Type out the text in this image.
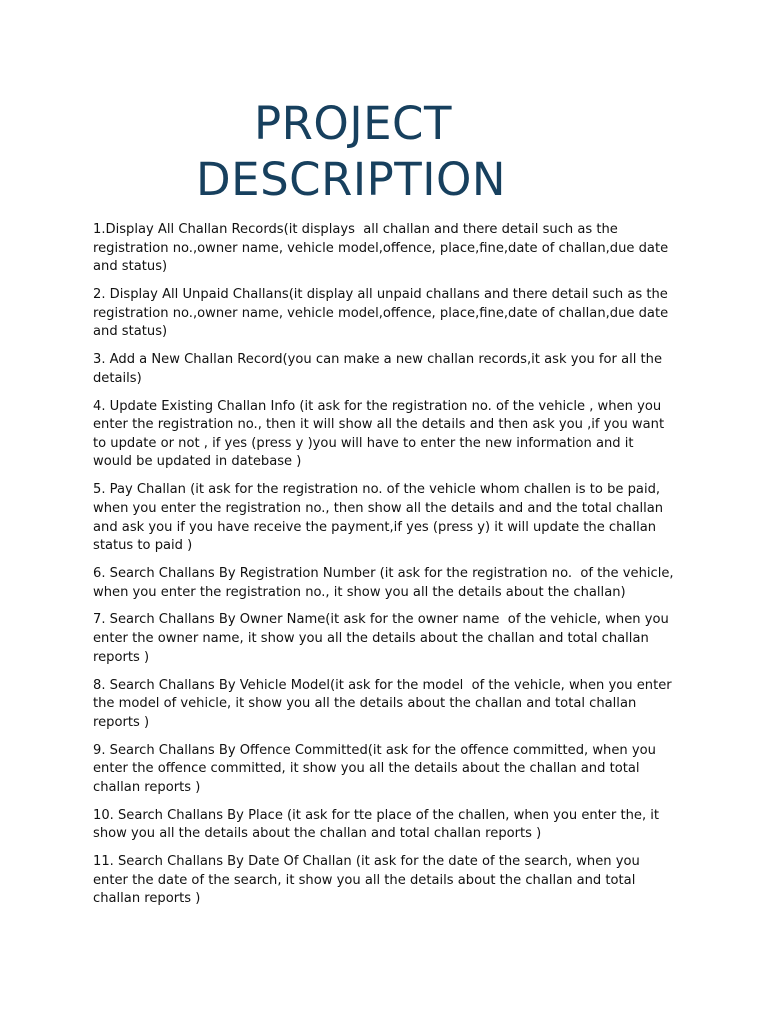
PROJECT
DESCRIPTION
1.Display All Challan Records(it displays  all challan and there detail such as the registration no.,owner name, vehicle model,offence, place,fine,date of challan,due date and status)
2. Display All Unpaid Challans(it display all unpaid challans and there detail such as the registration no.,owner name, vehicle model,offence, place,fine,date of challan,due date and status)
3. Add a New Challan Record(you can make a new challan records,it ask you for all the details)
4. Update Existing Challan Info (it ask for the registration no. of the vehicle , when you enter the registration no., then it will show all the details and then ask you ,if you want to update or not , if yes (press y )you will have to enter the new information and it would be updated in datebase )
5. Pay Challan (it ask for the registration no. of the vehicle whom challen is to be paid, when you enter the registration no., then show all the details and and the total challan and ask you if you have receive the payment,if yes (press y) it will update the challan status to paid )
6. Search Challans By Registration Number (it ask for the registration no.  of the vehicle, when you enter the registration no., it show you all the details about the challan)
7. Search Challans By Owner Name(it ask for the owner name  of the vehicle, when you enter the owner name, it show you all the details about the challan and total challan reports )
8. Search Challans By Vehicle Model(it ask for the model  of the vehicle, when you enter the model of vehicle, it show you all the details about the challan and total challan reports )
9. Search Challans By Offence Committed(it ask for the offence committed, when you enter the offence committed, it show you all the details about the challan and total challan reports )
10. Search Challans By Place (it ask for tte place of the challen, when you enter the, it show you all the details about the challan and total challan reports )
11. Search Challans By Date Of Challan (it ask for the date of the search, when you enter the date of the search, it show you all the details about the challan and total challan reports )
